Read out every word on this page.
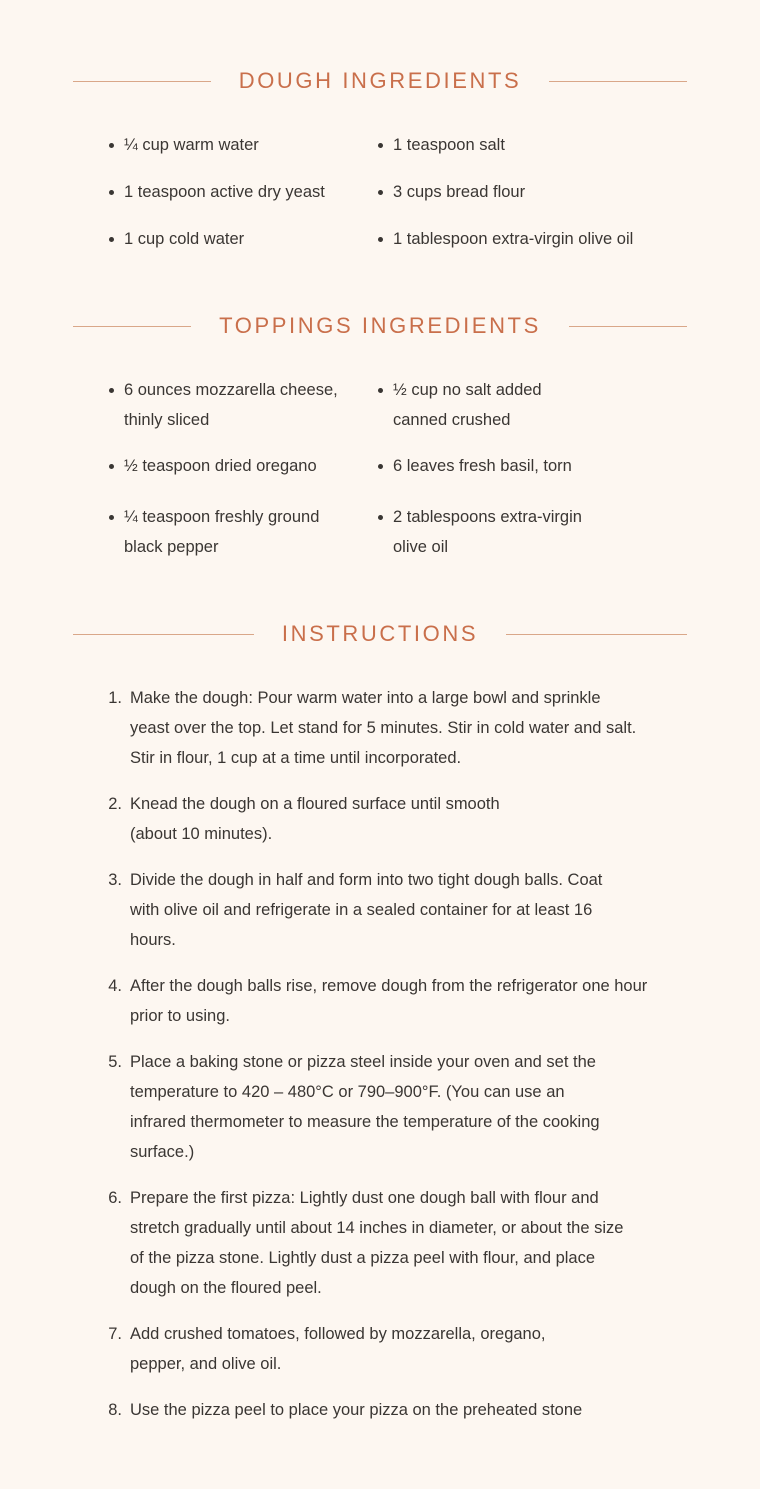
DOUGH INGREDIENTS
¼ cup warm water
1 teaspoon active dry yeast
1 cup cold water
1 teaspoon salt
3 cups bread flour
1 tablespoon extra-virgin olive oil
TOPPINGS INGREDIENTS
6 ounces mozzarella cheese, thinly sliced
½ teaspoon dried oregano
¼ teaspoon freshly ground black pepper
½ cup no salt added canned crushed
6 leaves fresh basil, torn
2 tablespoons extra-virgin olive oil
INSTRUCTIONS
1. Make the dough: Pour warm water into a large bowl and sprinkle yeast over the top. Let stand for 5 minutes. Stir in cold water and salt. Stir in flour, 1 cup at a time until incorporated.
2. Knead the dough on a floured surface until smooth (about 10 minutes).
3. Divide the dough in half and form into two tight dough balls. Coat with olive oil and refrigerate in a sealed container for at least 16 hours.
4. After the dough balls rise, remove dough from the refrigerator one hour prior to using.
5. Place a baking stone or pizza steel inside your oven and set the temperature to 420 – 480°C or 790–900°F. (You can use an infrared thermometer to measure the temperature of the cooking surface.)
6. Prepare the first pizza: Lightly dust one dough ball with flour and stretch gradually until about 14 inches in diameter, or about the size of the pizza stone. Lightly dust a pizza peel with flour, and place dough on the floured peel.
7. Add crushed tomatoes, followed by mozzarella, oregano, pepper, and olive oil.
8. Use the pizza peel to place your pizza on the preheated stone
